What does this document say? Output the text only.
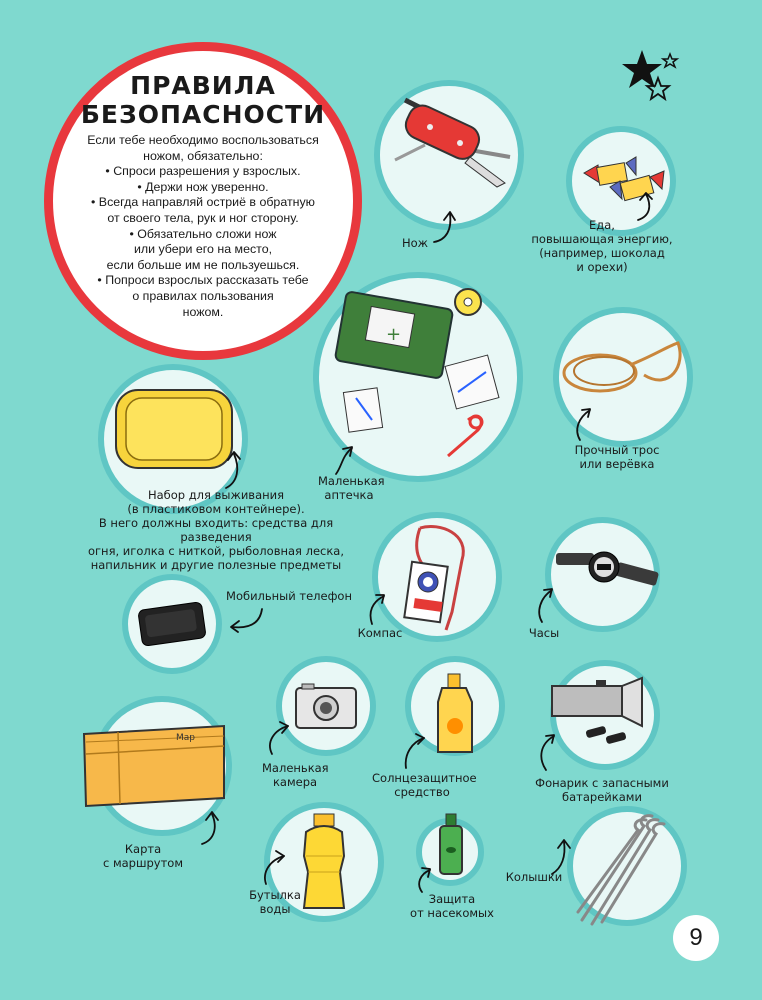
ПРАВИЛА
БЕЗОПАСНОСТИ
Если тебе необходимо воспользоваться
ножом, обязательно:
• Спроси разрешения у взрослых.
• Держи нож уверенно.
• Всегда направляй остриё в обратную
от своего тела, рук и ног сторону.
• Обязательно сложи нож
или убери его на место,
если больше им не пользуешься.
• Попроси взрослых рассказать тебе
о правилах пользования
ножом.
Нож
Еда,
повышающая энергию,
(например, шоколад
и орехи)
+
Маленькая
аптечка
Прочный трос
или верёвка
Набор для выживания
(в пластиковом контейнере).
В него должны входить: средства для разведения
огня, иголка с ниткой, рыболовная леска,
напильник и другие полезные предметы
Мобильный телефон
Компас	Часы
Маленькая
камера	Солнцезащитное
средство
Фонарик с запасными
батарейками
Map
Карта
с маршрутом
Бутылка
воды
Защита
от насекомых
Колышки
9
